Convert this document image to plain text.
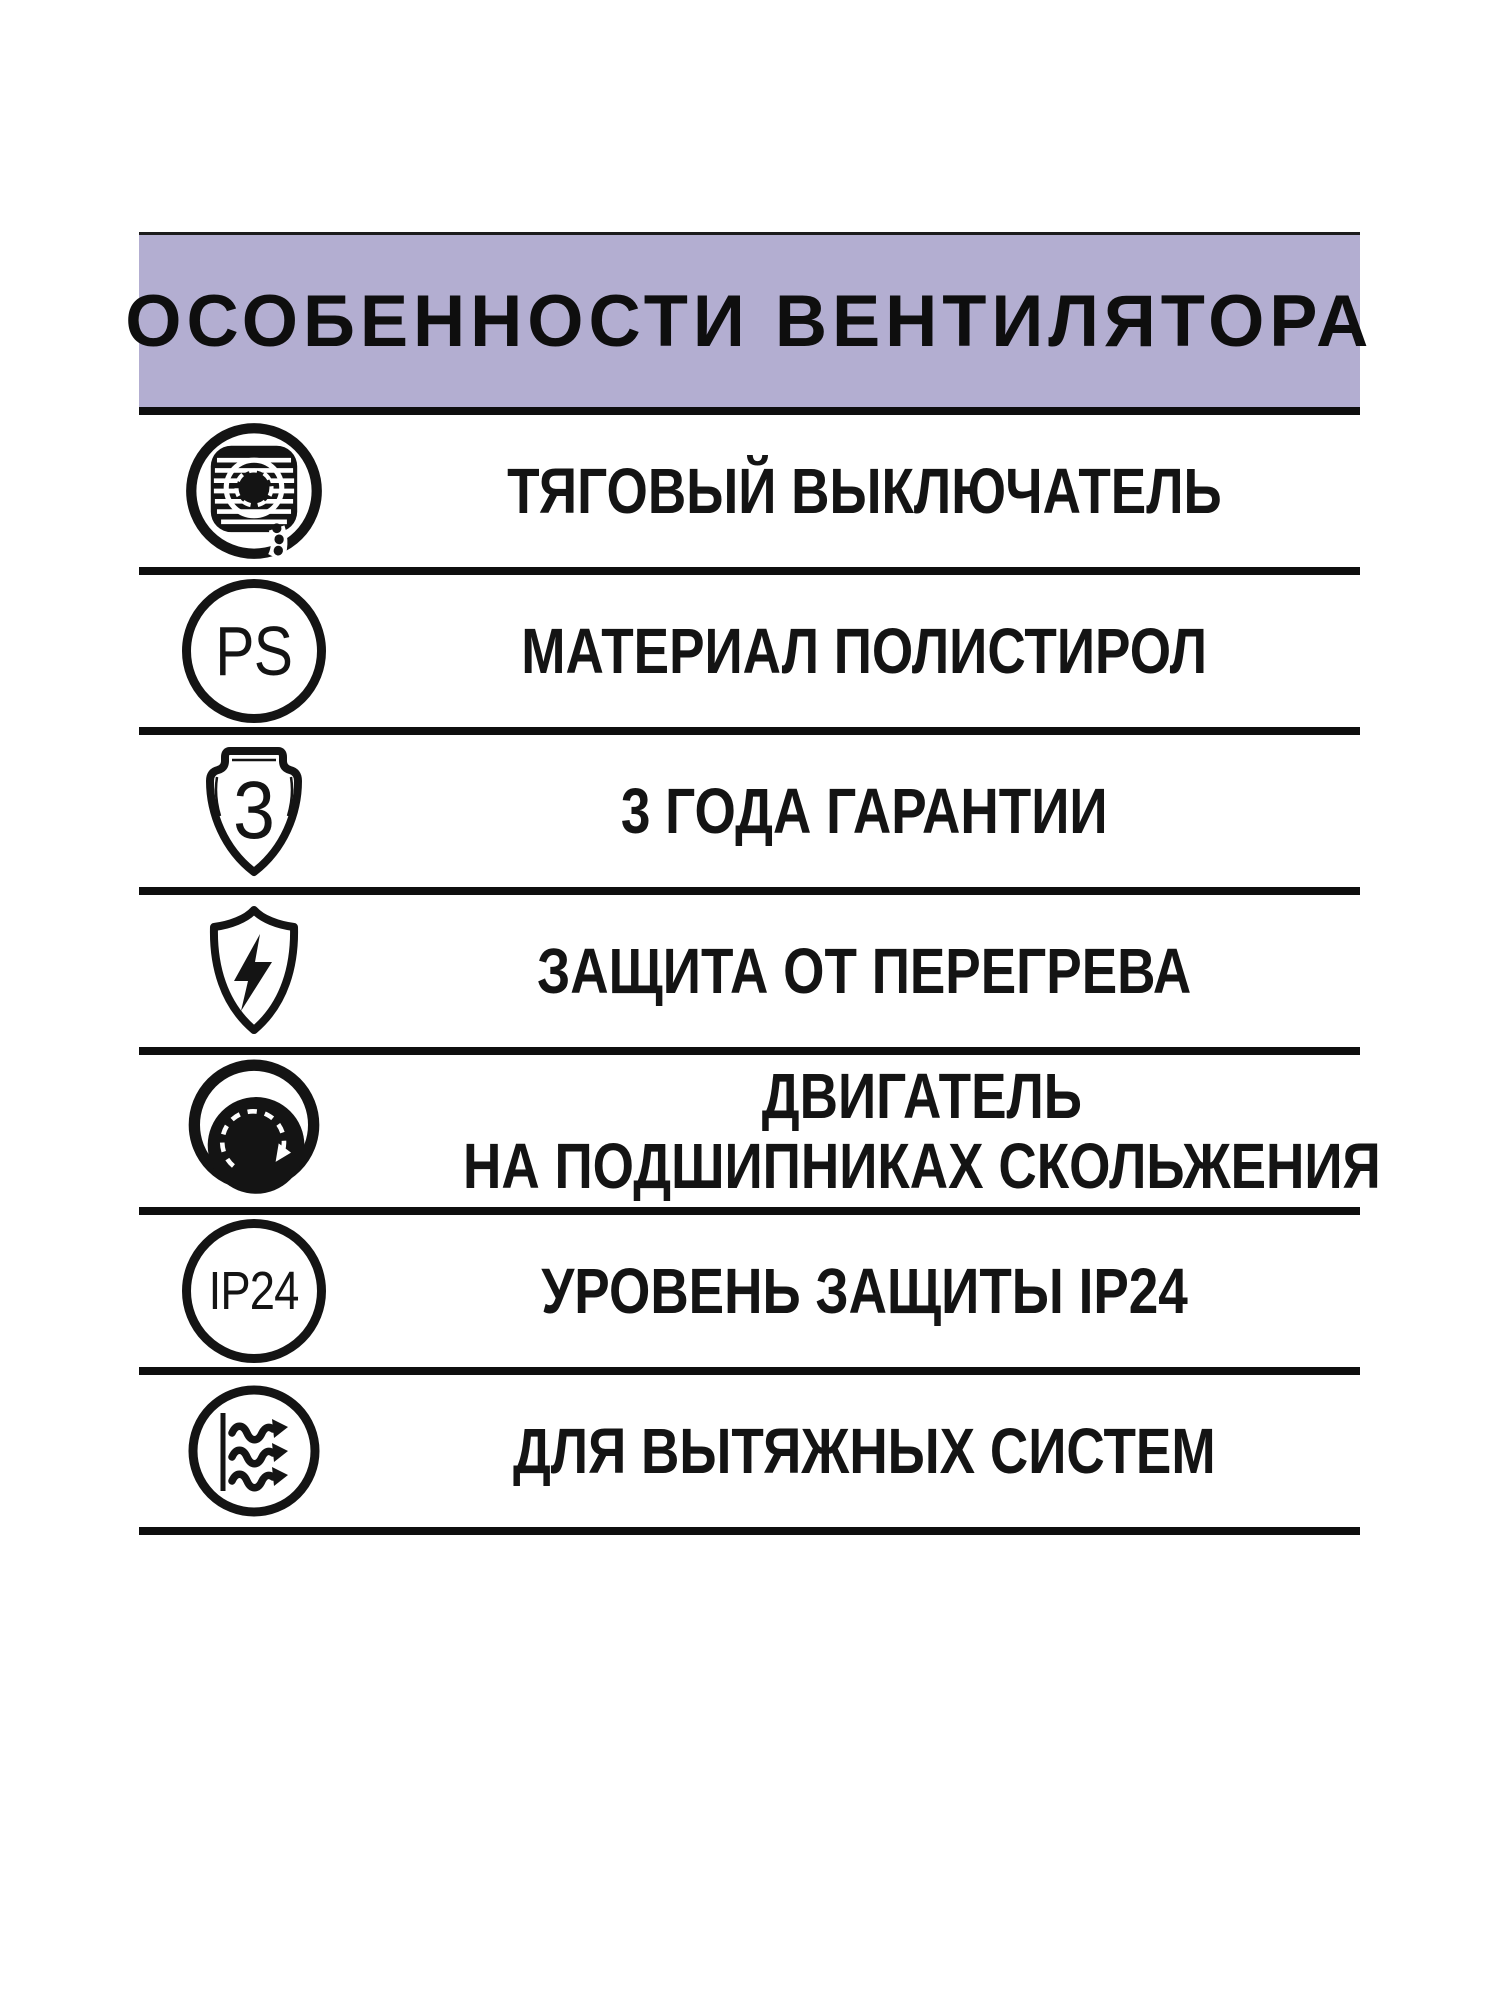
ОСОБЕННОСТИ ВЕНТИЛЯТОРА
ТЯГОВЫЙ ВЫКЛЮЧАТЕЛЬ
PS	МАТЕРИАЛ ПОЛИСТИРОЛ
3	3 ГОДА ГАРАНТИИ
ЗАЩИТА ОТ ПЕРЕГРЕВА
ДВИГАТЕЛЬ
НА ПОДШИПНИКАХ СКОЛЬЖЕНИЯ
IP24	УРОВЕНЬ ЗАЩИТЫ IP24
ДЛЯ ВЫТЯЖНЫХ СИСТЕМ
